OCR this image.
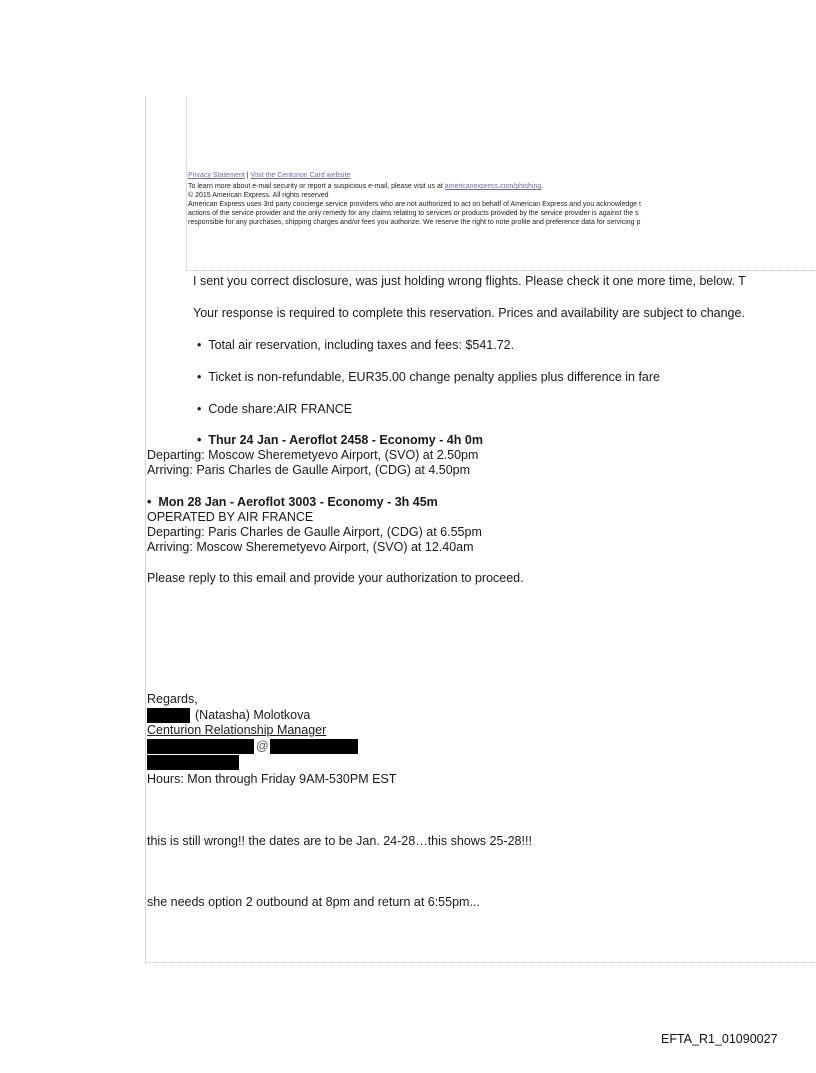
Privacy Statement | Visit the Centurion Card website
To learn more about e-mail security or report a suspicious e-mail, please visit us at americanexpress.com/phishing.
© 2015 American Express. All rights reserved
American Express uses 3rd party concierge service providers who are not authorized to act on behalf of American Express and you acknowledge t
actions of the service provider and the only remedy for any claims relating to services or products provided by the service provider is against the s
responsible for any purchases, shipping charges and/or fees you authorize. We reserve the right to note profile and preference data for servicing p
I sent you correct disclosure, was just holding wrong flights. Please check it one more time, below. T
Your response is required to complete this reservation. Prices and availability are subject to change.
•  Total air reservation, including taxes and fees: $541.72.
•  Ticket is non-refundable, EUR35.00 change penalty applies plus difference in fare
•  Code share:AIR FRANCE
•  Thur 24 Jan - Aeroflot 2458 - Economy - 4h 0m
Departing: Moscow Sheremetyevo Airport, (SVO) at 2.50pm
Arriving: Paris Charles de Gaulle Airport, (CDG) at 4.50pm
•  Mon 28 Jan - Aeroflot 3003 - Economy - 3h 45m
OPERATED BY AIR FRANCE
Departing: Paris Charles de Gaulle Airport, (CDG) at 6.55pm
Arriving: Moscow Sheremetyevo Airport, (SVO) at 12.40am
Please reply to this email and provide your authorization to proceed.
Regards,
(Natasha) Molotkova
Centurion Relationship Manager
@
Hours: Mon through Friday 9AM-530PM EST
this is still wrong!! the dates are to be Jan. 24-28…this shows 25-28!!!
she needs option 2 outbound at 8pm and return at 6:55pm...
EFTA_R1_01090027
